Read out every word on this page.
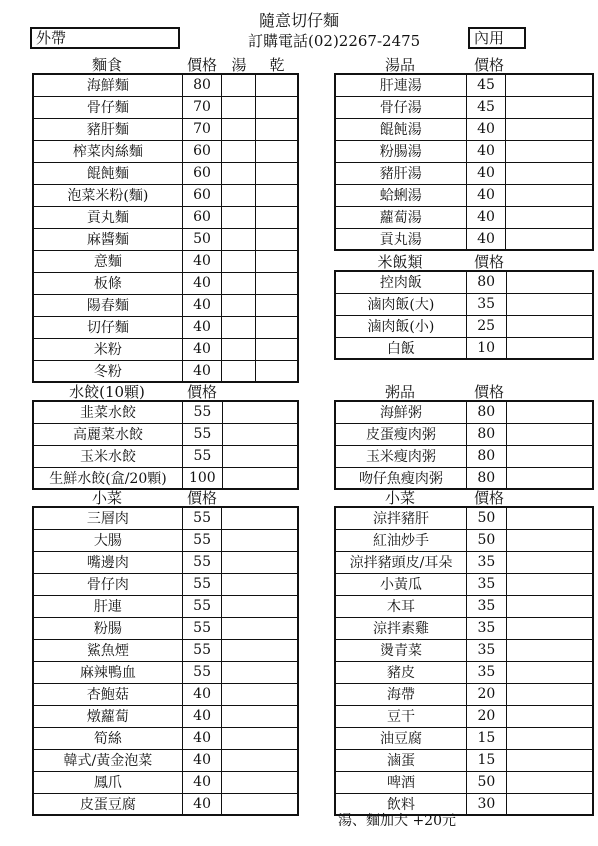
隨意切仔麵
訂購電話(02)2267-2475
外帶	內用
麵食	價格 湯	乾	湯品	價格
米飯類	價格
水餃(10顆)	價格	粥品	價格
小菜	價格	小菜	價格
海鮮麵	80		
骨仔麵	70		
豬肝麵	70		
榨菜肉絲麵	60		
餛飩麵	60		
泡菜米粉(麵)	60		
貢丸麵	60		
麻醬麵	50		
意麵	40		
板條	40		
陽春麵	40		
切仔麵	40		
米粉	40		
冬粉	40		
肝連湯	45	
骨仔湯	45	
餛飩湯	40	
粉腸湯	40	
豬肝湯	40	
蛤蜊湯	40	
蘿蔔湯	40	
貢丸湯	40	
控肉飯	80	
滷肉飯(大)	35	
滷肉飯(小)	25	
白飯	10	
韭菜水餃	55	
高麗菜水餃	55	
玉米水餃	55	
生鮮水餃(盒/20顆)	100	
海鮮粥	80	
皮蛋瘦肉粥	80	
玉米瘦肉粥	80	
吻仔魚瘦肉粥	80	
三層肉	55	
大腸	55	
嘴邊肉	55	
骨仔肉	55	
肝連	55	
粉腸	55	
鯊魚煙	55	
麻辣鴨血	55	
杏鮑菇	40	
燉蘿蔔	40	
筍絲	40	
韓式/黃金泡菜	40	
鳳爪	40	
皮蛋豆腐	40	
涼拌豬肝	50	
紅油炒手	50	
涼拌豬頭皮/耳朵	35	
小黃瓜	35	
木耳	35	
涼拌素雞	35	
燙青菜	35	
豬皮	35	
海帶	20	
豆干	20	
油豆腐	15	
滷蛋	15	
啤酒	50	
飲料	30	
湯、麵加大 +20元
